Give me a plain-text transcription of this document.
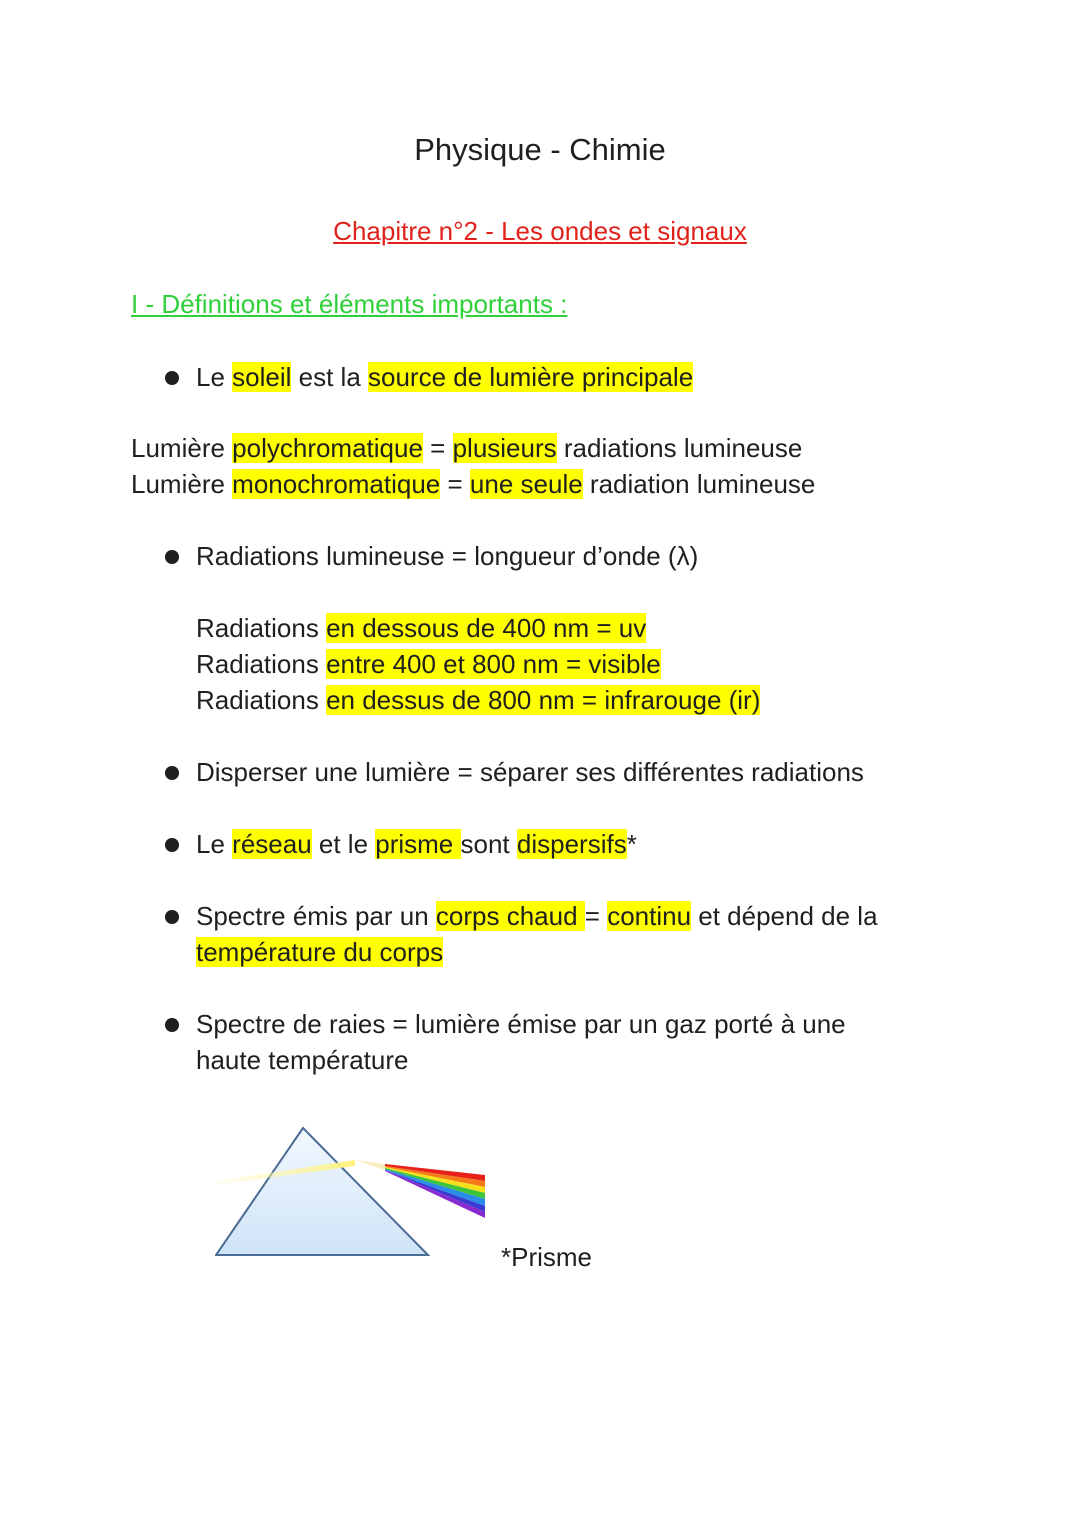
Physique - Chimie
Chapitre n°2 - Les ondes et signaux
I - Définitions et éléments importants :
Le soleil est la source de lumière principale
Lumière polychromatique = plusieurs radiations lumineuse
Lumière monochromatique = une seule radiation lumineuse
Radiations lumineuse = longueur d’onde (λ)
Radiations en dessous de 400 nm = uv
Radiations entre 400 et 800 nm = visible
Radiations en dessus de 800 nm = infrarouge (ir)
Disperser une lumière = séparer ses différentes radiations
Le réseau et le prisme sont dispersifs*
Spectre émis par un corps chaud = continu et dépend de la
température du corps
Spectre de raies = lumière émise par un gaz porté à une
haute température
*Prisme
